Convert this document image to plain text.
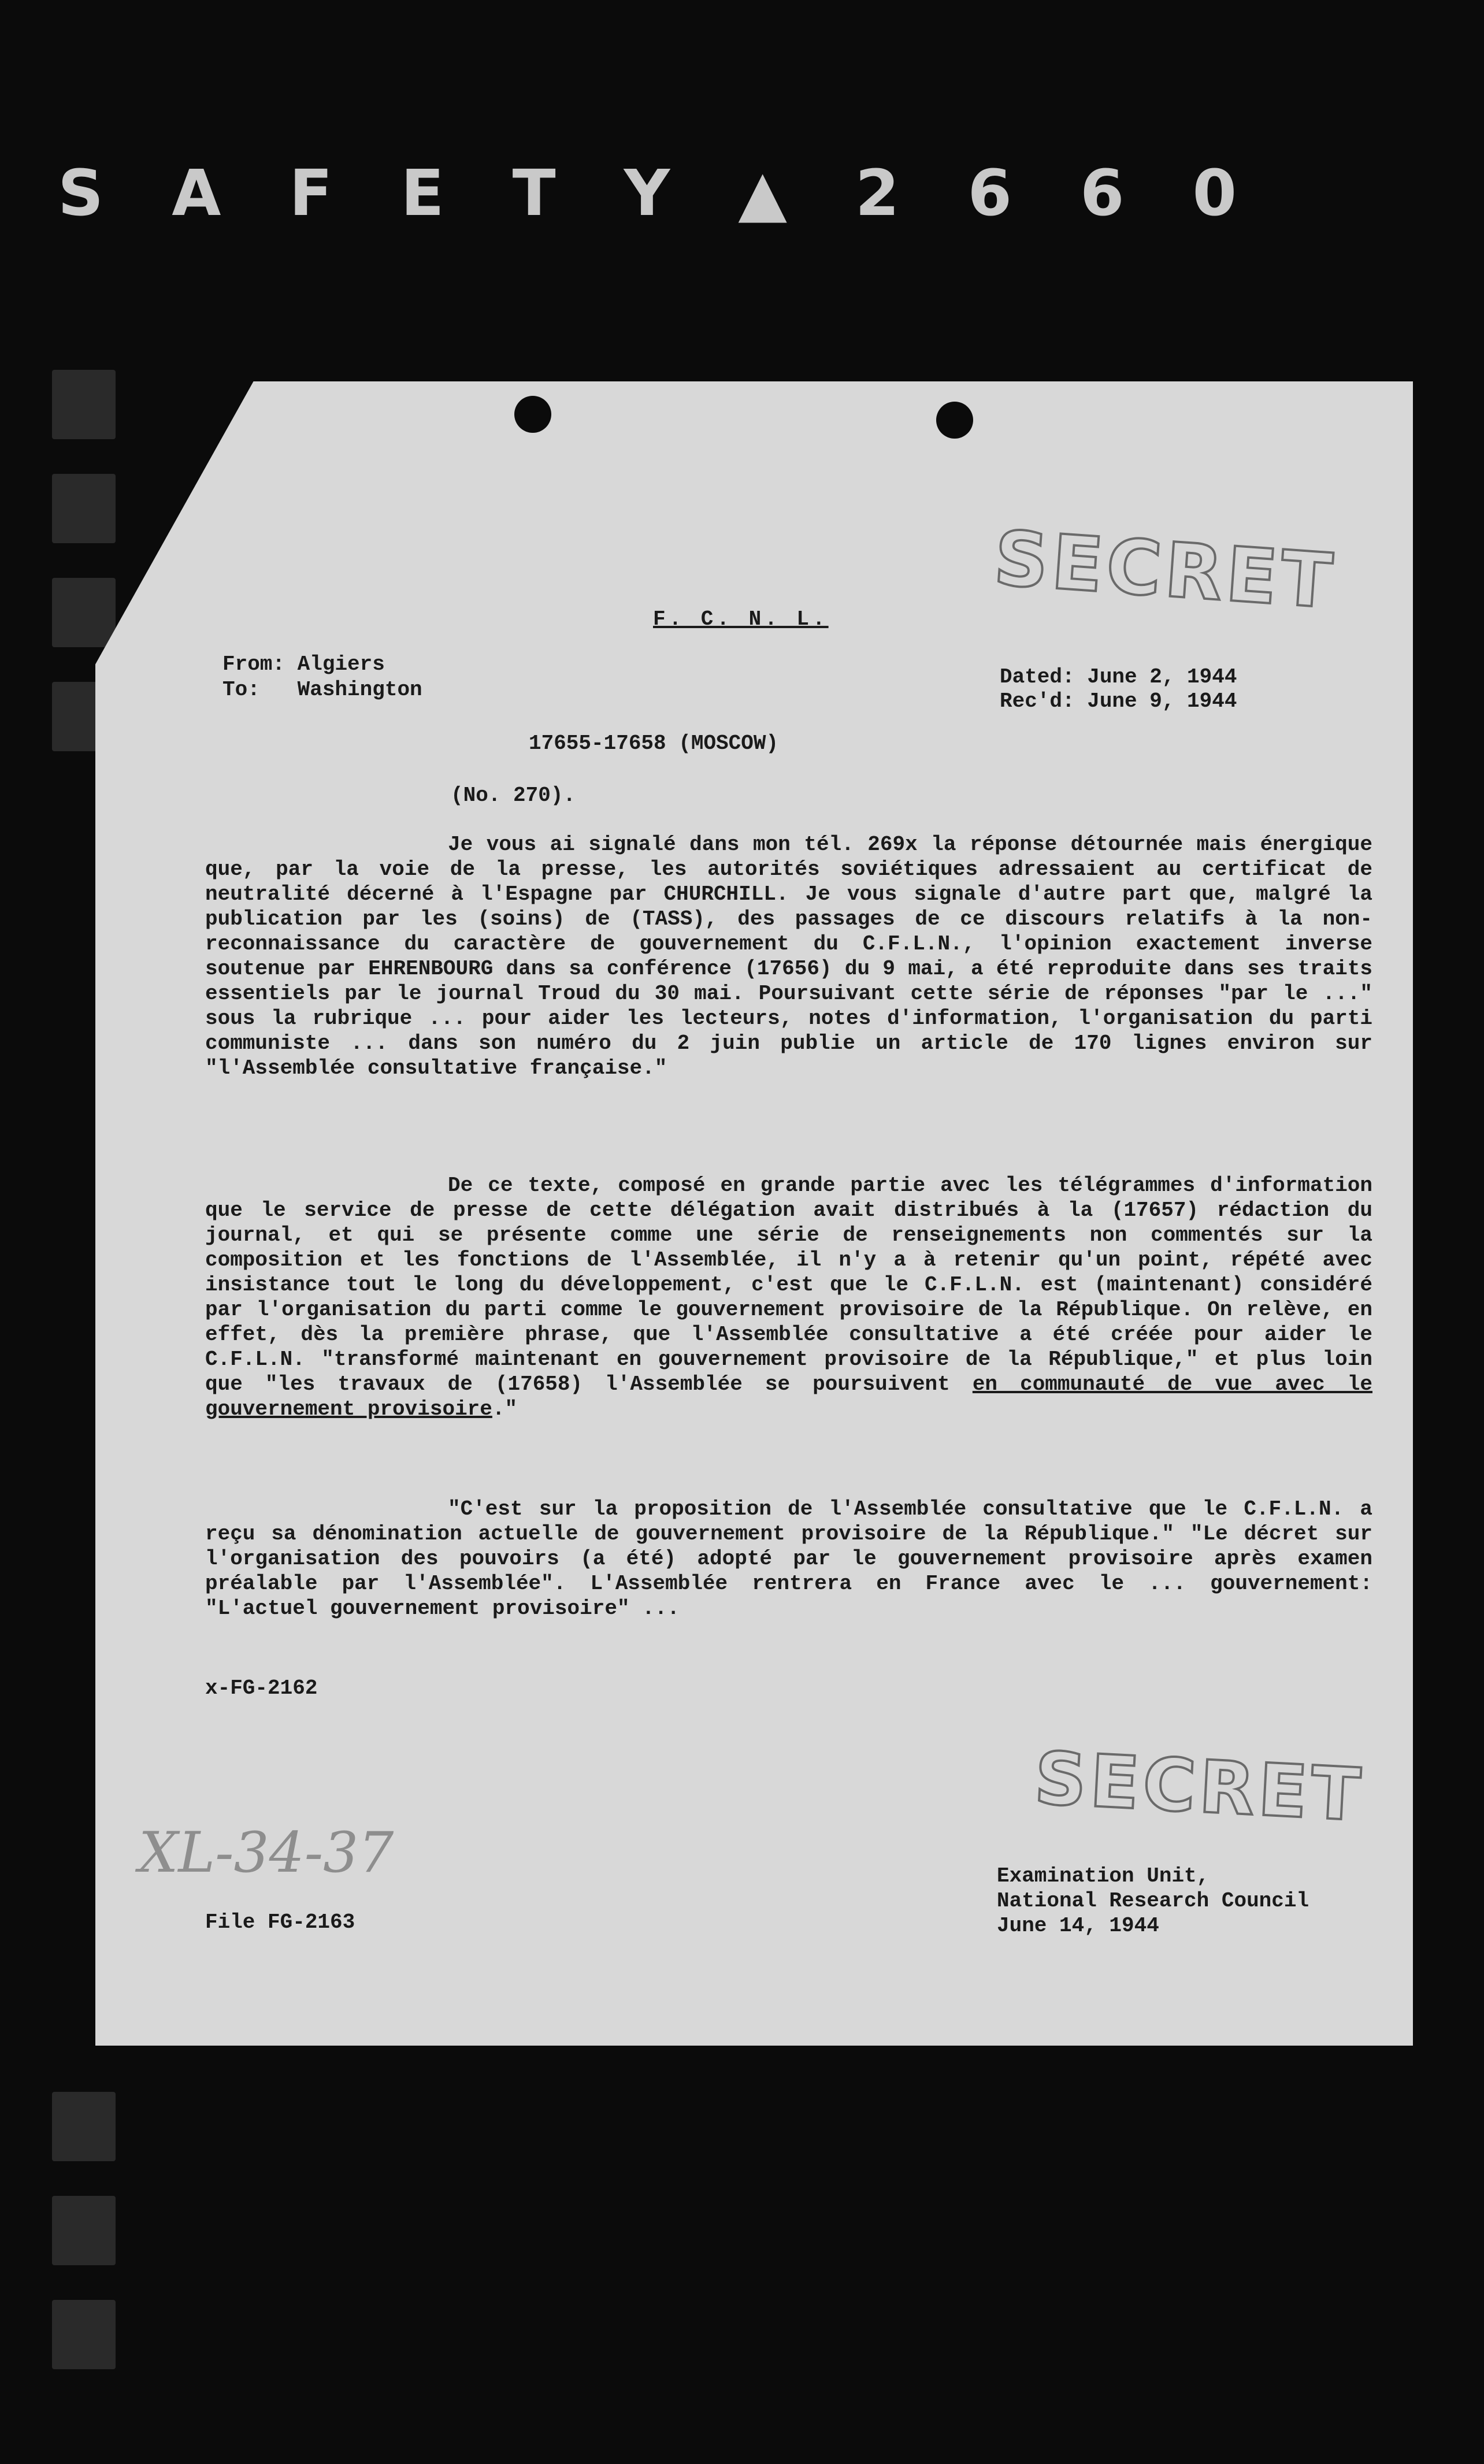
SAFETY▲2660
SECRET
SECRET
F. C. N. L.
From: Algiers
To: Washington
Dated: June 2, 1944
Rec'd: June 9, 1944
17655-17658 (MOSCOW)
(No. 270).
Je vous ai signalé dans mon tél. 269x la réponse détournée mais énergique que, par la voie de la presse, les autorités soviétiques adressaient au certificat de neutralité décerné à l'Espagne par CHURCHILL. Je vous signale d'autre part que, malgré la publication par les (soins) de (TASS), des passages de ce discours relatifs à la non-reconnaissance du caractère de gouvernement du C.F.L.N., l'opinion exactement inverse soutenue par EHRENBOURG dans sa conférence (17656) du 9 mai, a été reproduite dans ses traits essentiels par le journal Troud du 30 mai. Poursuivant cette série de réponses "par le ..." sous la rubrique ... pour aider les lecteurs, notes d'information, l'organisation du parti communiste ... dans son numéro du 2 juin publie un article de 170 lignes environ sur "l'Assemblée consultative française."
De ce texte, composé en grande partie avec les télégrammes d'information que le service de presse de cette délégation avait distribués à la (17657) rédaction du journal, et qui se présente comme une série de renseignements non commentés sur la composition et les fonctions de l'Assemblée, il n'y a à retenir qu'un point, répété avec insistance tout le long du développement, c'est que le C.F.L.N. est (maintenant) considéré par l'organisation du parti comme le gouvernement provisoire de la République. On relève, en effet, dès la première phrase, que l'Assemblée consultative a été créée pour aider le C.F.L.N. "transformé maintenant en gouvernement provisoire de la République," et plus loin que "les travaux de (17658) l'Assemblée se poursuivent en communauté de vue avec le gouvernement provisoire."
"C'est sur la proposition de l'Assemblée consultative que le C.F.L.N. a reçu sa dénomination actuelle de gouvernement provisoire de la République." "Le décret sur l'organisation des pouvoirs (a été) adopté par le gouvernement provisoire après examen préalable par l'Assemblée". L'Assemblée rentrera en France avec le ... gouvernement: "L'actuel gouvernement provisoire" ...
x-FG-2162
XL-34-37
File FG-2163
Examination Unit,
National Research Council
June 14, 1944
